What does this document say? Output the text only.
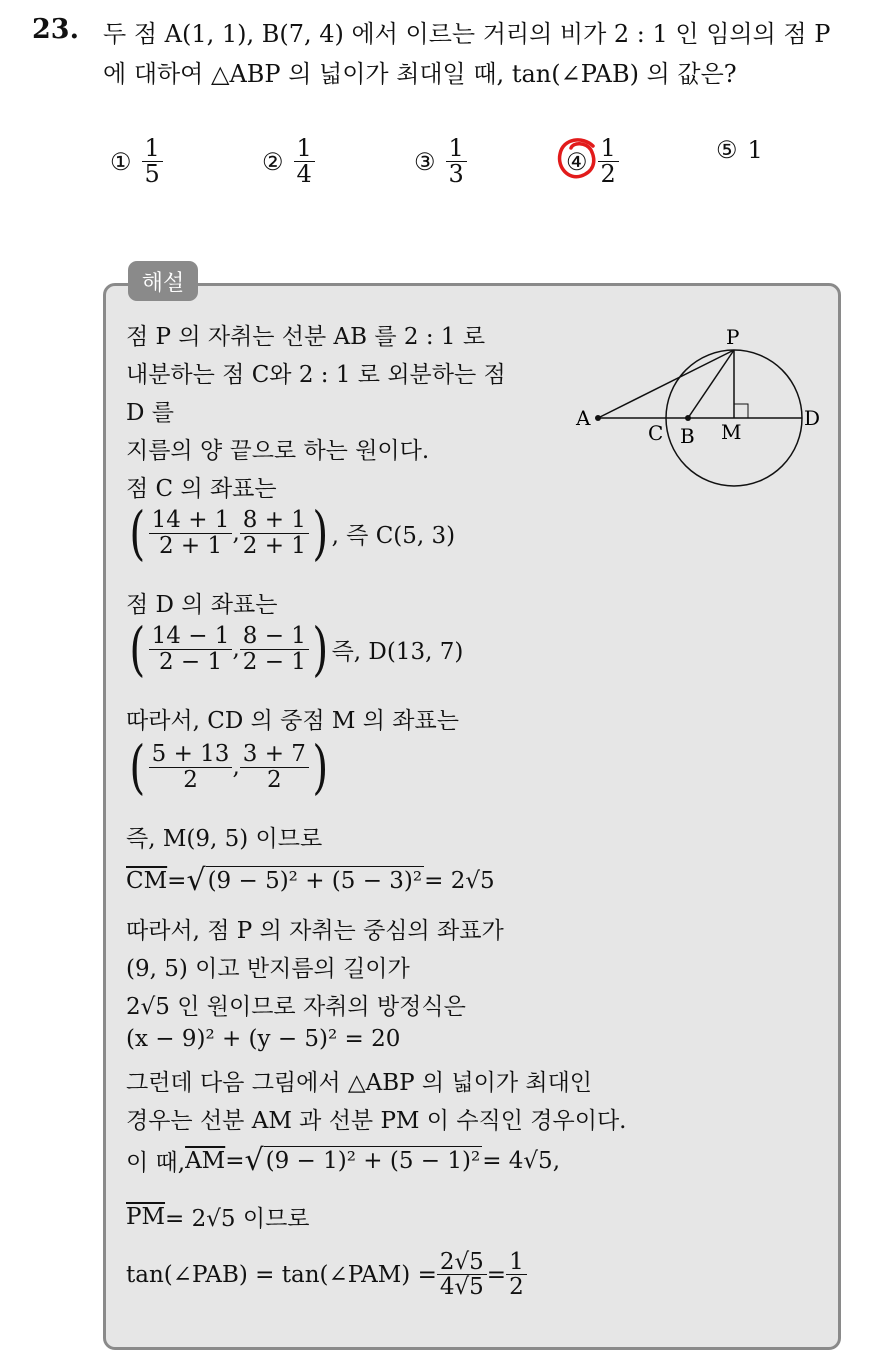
23. 두 점 A(1, 1), B(7, 4) 에서 이르는 거리의 비가 2 : 1 인 임의의 점 P
에 대하여 △ABP 의 넓이가 최대일 때, tan(∠PAB) 의 값은?
① $\frac{1}{5}$	② $\frac{1}{4}$	③ $\frac{1}{3}$	④ $\frac{1}{2}$	⑤ 1
해설
점 P 의 자취는 선분 AB 를 2 : 1 로
내분하는 점 C와 2 : 1 로 외분하는 점
D 를
지름의 양 끝으로 하는 원이다.
점 C 의 좌표는
( $\frac{14 + 1}{2 + 1}$ , $\frac{8 + 1}{2 + 1}$ ) , 즉 C(5, 3)
점 D 의 좌표는
( $\frac{14 - 1}{2 - 1}$ , $\frac{8 - 1}{2 - 1}$ ) 즉, D(13, 7)
따라서, CD 의 중점 M 의 좌표는
( $\frac{5 + 13}{2}$ , $\frac{3 + 7}{2}$ )
즉, M(9, 5) 이므로
$\overline{CM}$ = √ (9 − 5)² + (5 − 3)² = 2√5
따라서, 점 P 의 자취는 중심의 좌표가
(9, 5) 이고 반지름의 길이가
2√5 인 원이므로 자취의 방정식은
(x − 9)² + (y − 5)² = 20
그런데 다음 그림에서 △ABP 의 넓이가 최대인
경우는 선분 AM 과 선분 PM 이 수직인 경우이다.
이 때, $\overline{AM}$ = √ (9 − 1)² + (5 − 1)² = 4√5,
$\overline{PM} = 2√5$ 이므로
tan(∠PAB) = tan(∠PAM) = $\frac{2√5}{4√5} = \frac{1}{2}$
P
A
C B M
D
